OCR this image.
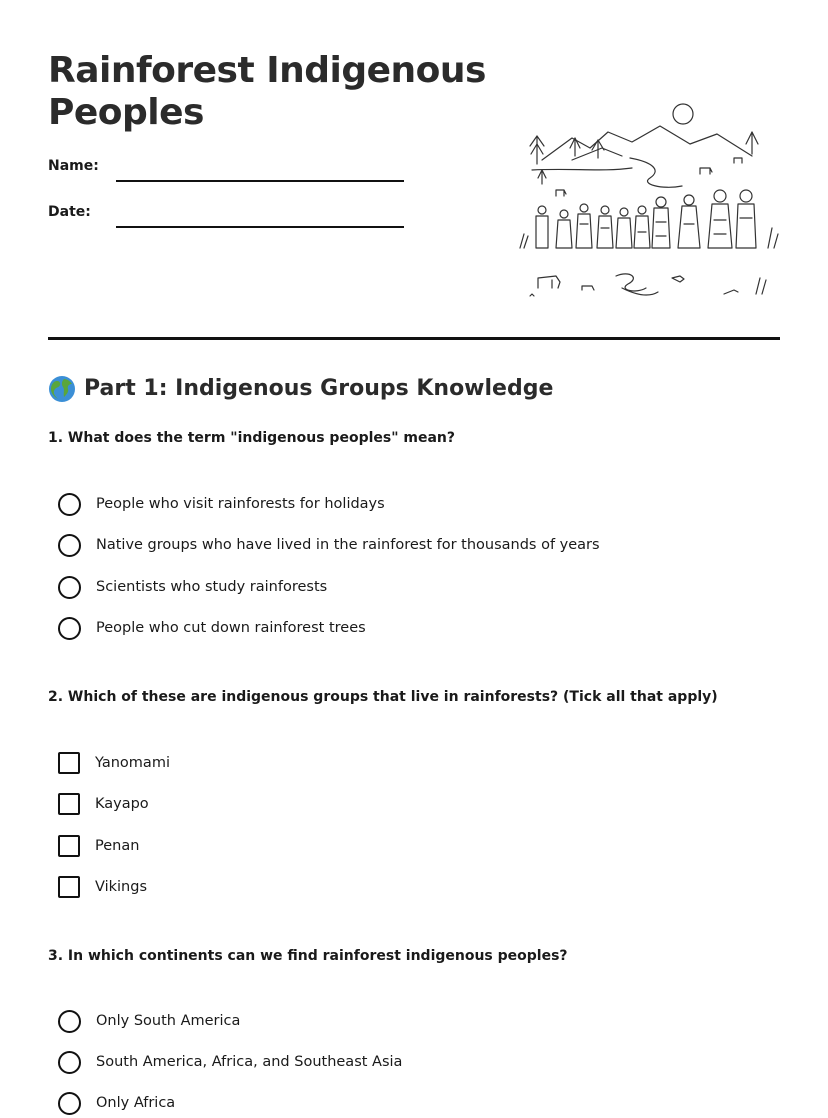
Rainforest Indigenous Peoples
Name:
Date:
Part 1: Indigenous Groups Knowledge

1. What does the term "indigenous peoples" mean?

People who visit rainforests for holidays
Native groups who have lived in the rainforest for thousands of years
Scientists who study rainforests
People who cut down rainforest trees

2. Which of these are indigenous groups that live in rainforests? (Tick all that apply)

Yanomami
Kayapo
Penan
Vikings

3. In which continents can we find rainforest indigenous peoples?

Only South America
South America, Africa, and Southeast Asia
Only Africa
